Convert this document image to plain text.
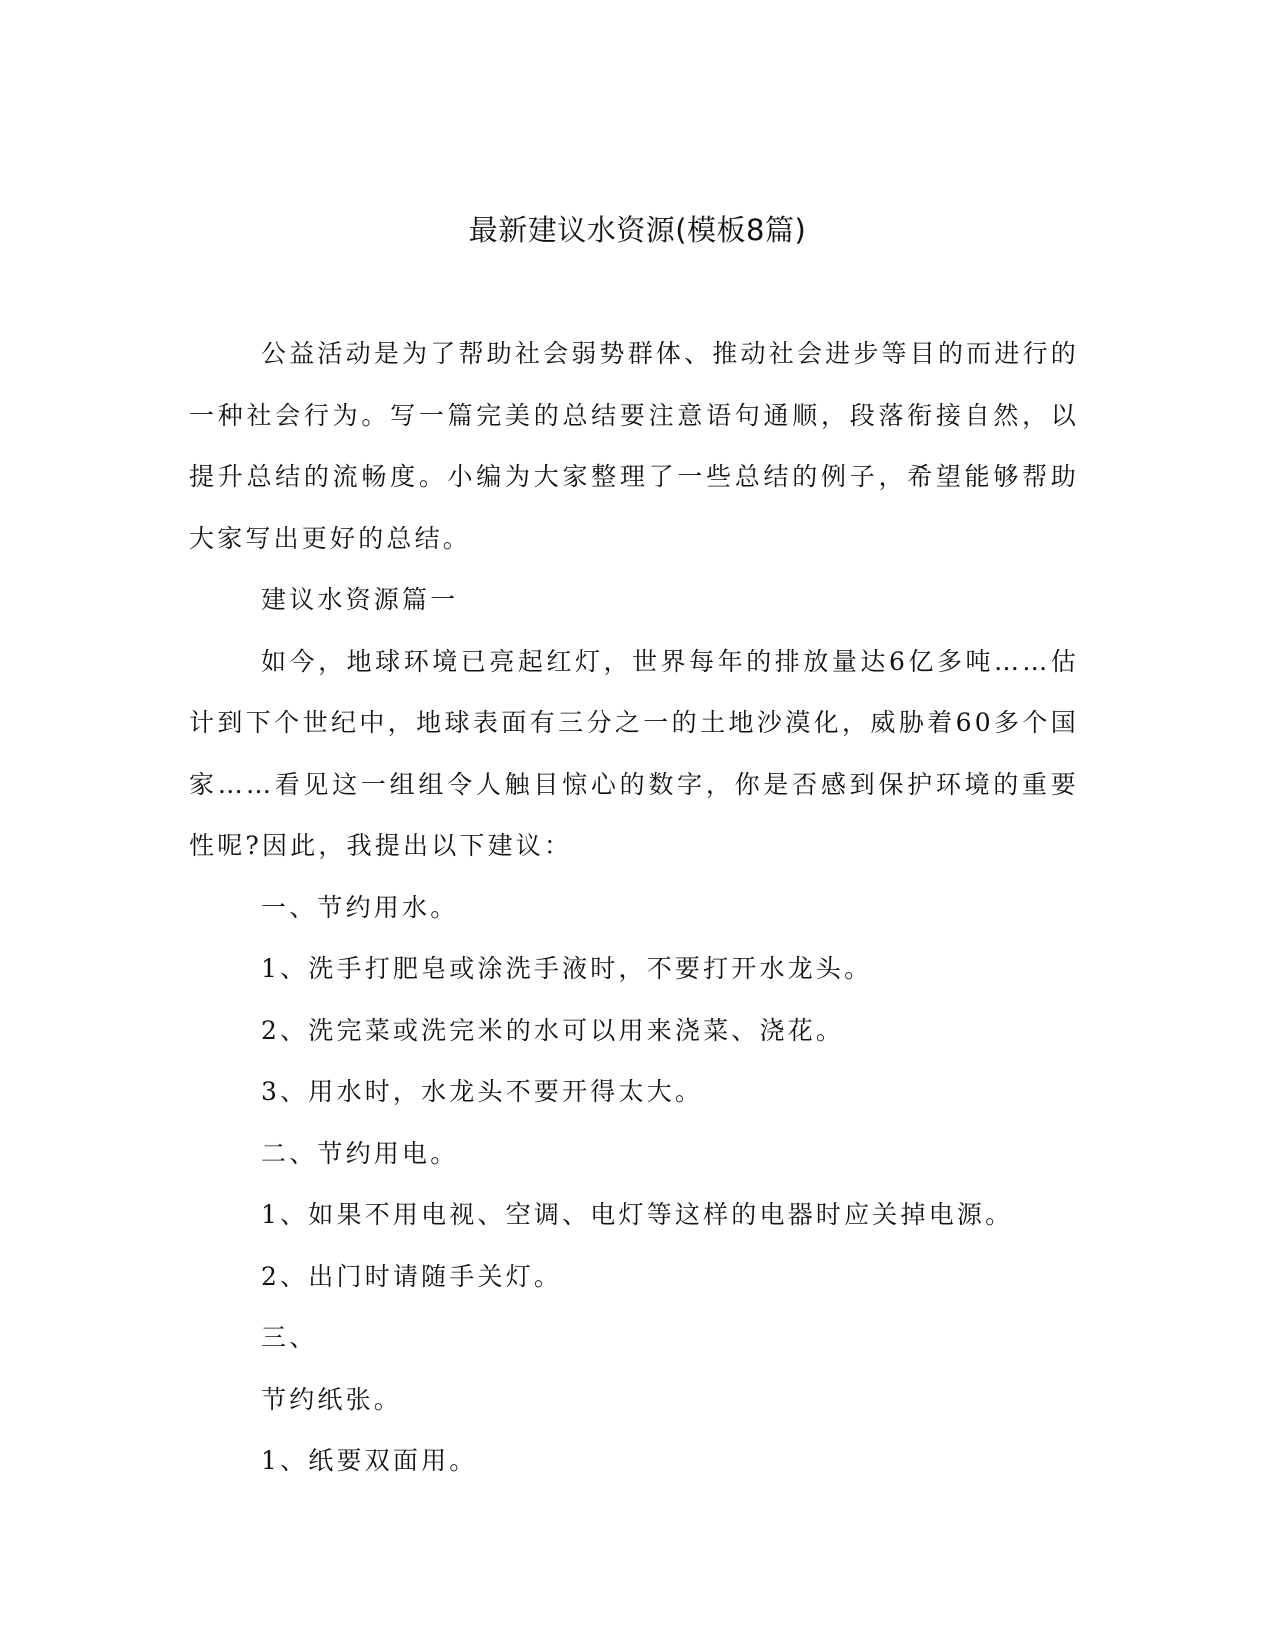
最新建议水资源(模板8篇)

公益活动是为了帮助社会弱势群体、推动社会进步等目的而进行的一种社会行为。写一篇完美的总结要注意语句通顺，段落衔接自然，以提升总结的流畅度。小编为大家整理了一些总结的例子，希望能够帮助大家写出更好的总结。

建议水资源篇一

如今，地球环境已亮起红灯，世界每年的排放量达6亿多吨……估计到下个世纪中，地球表面有三分之一的土地沙漠化，威胁着60多个国家……看见这一组组令人触目惊心的数字，你是否感到保护环境的重要性呢?因此，我提出以下建议：

一、节约用水。

1、洗手打肥皂或涂洗手液时，不要打开水龙头。

2、洗完菜或洗完米的水可以用来浇菜、浇花。

3、用水时，水龙头不要开得太大。

二、节约用电。

1、如果不用电视、空调、电灯等这样的电器时应关掉电源。

2、出门时请随手关灯。

三、

节约纸张。

1、纸要双面用。
